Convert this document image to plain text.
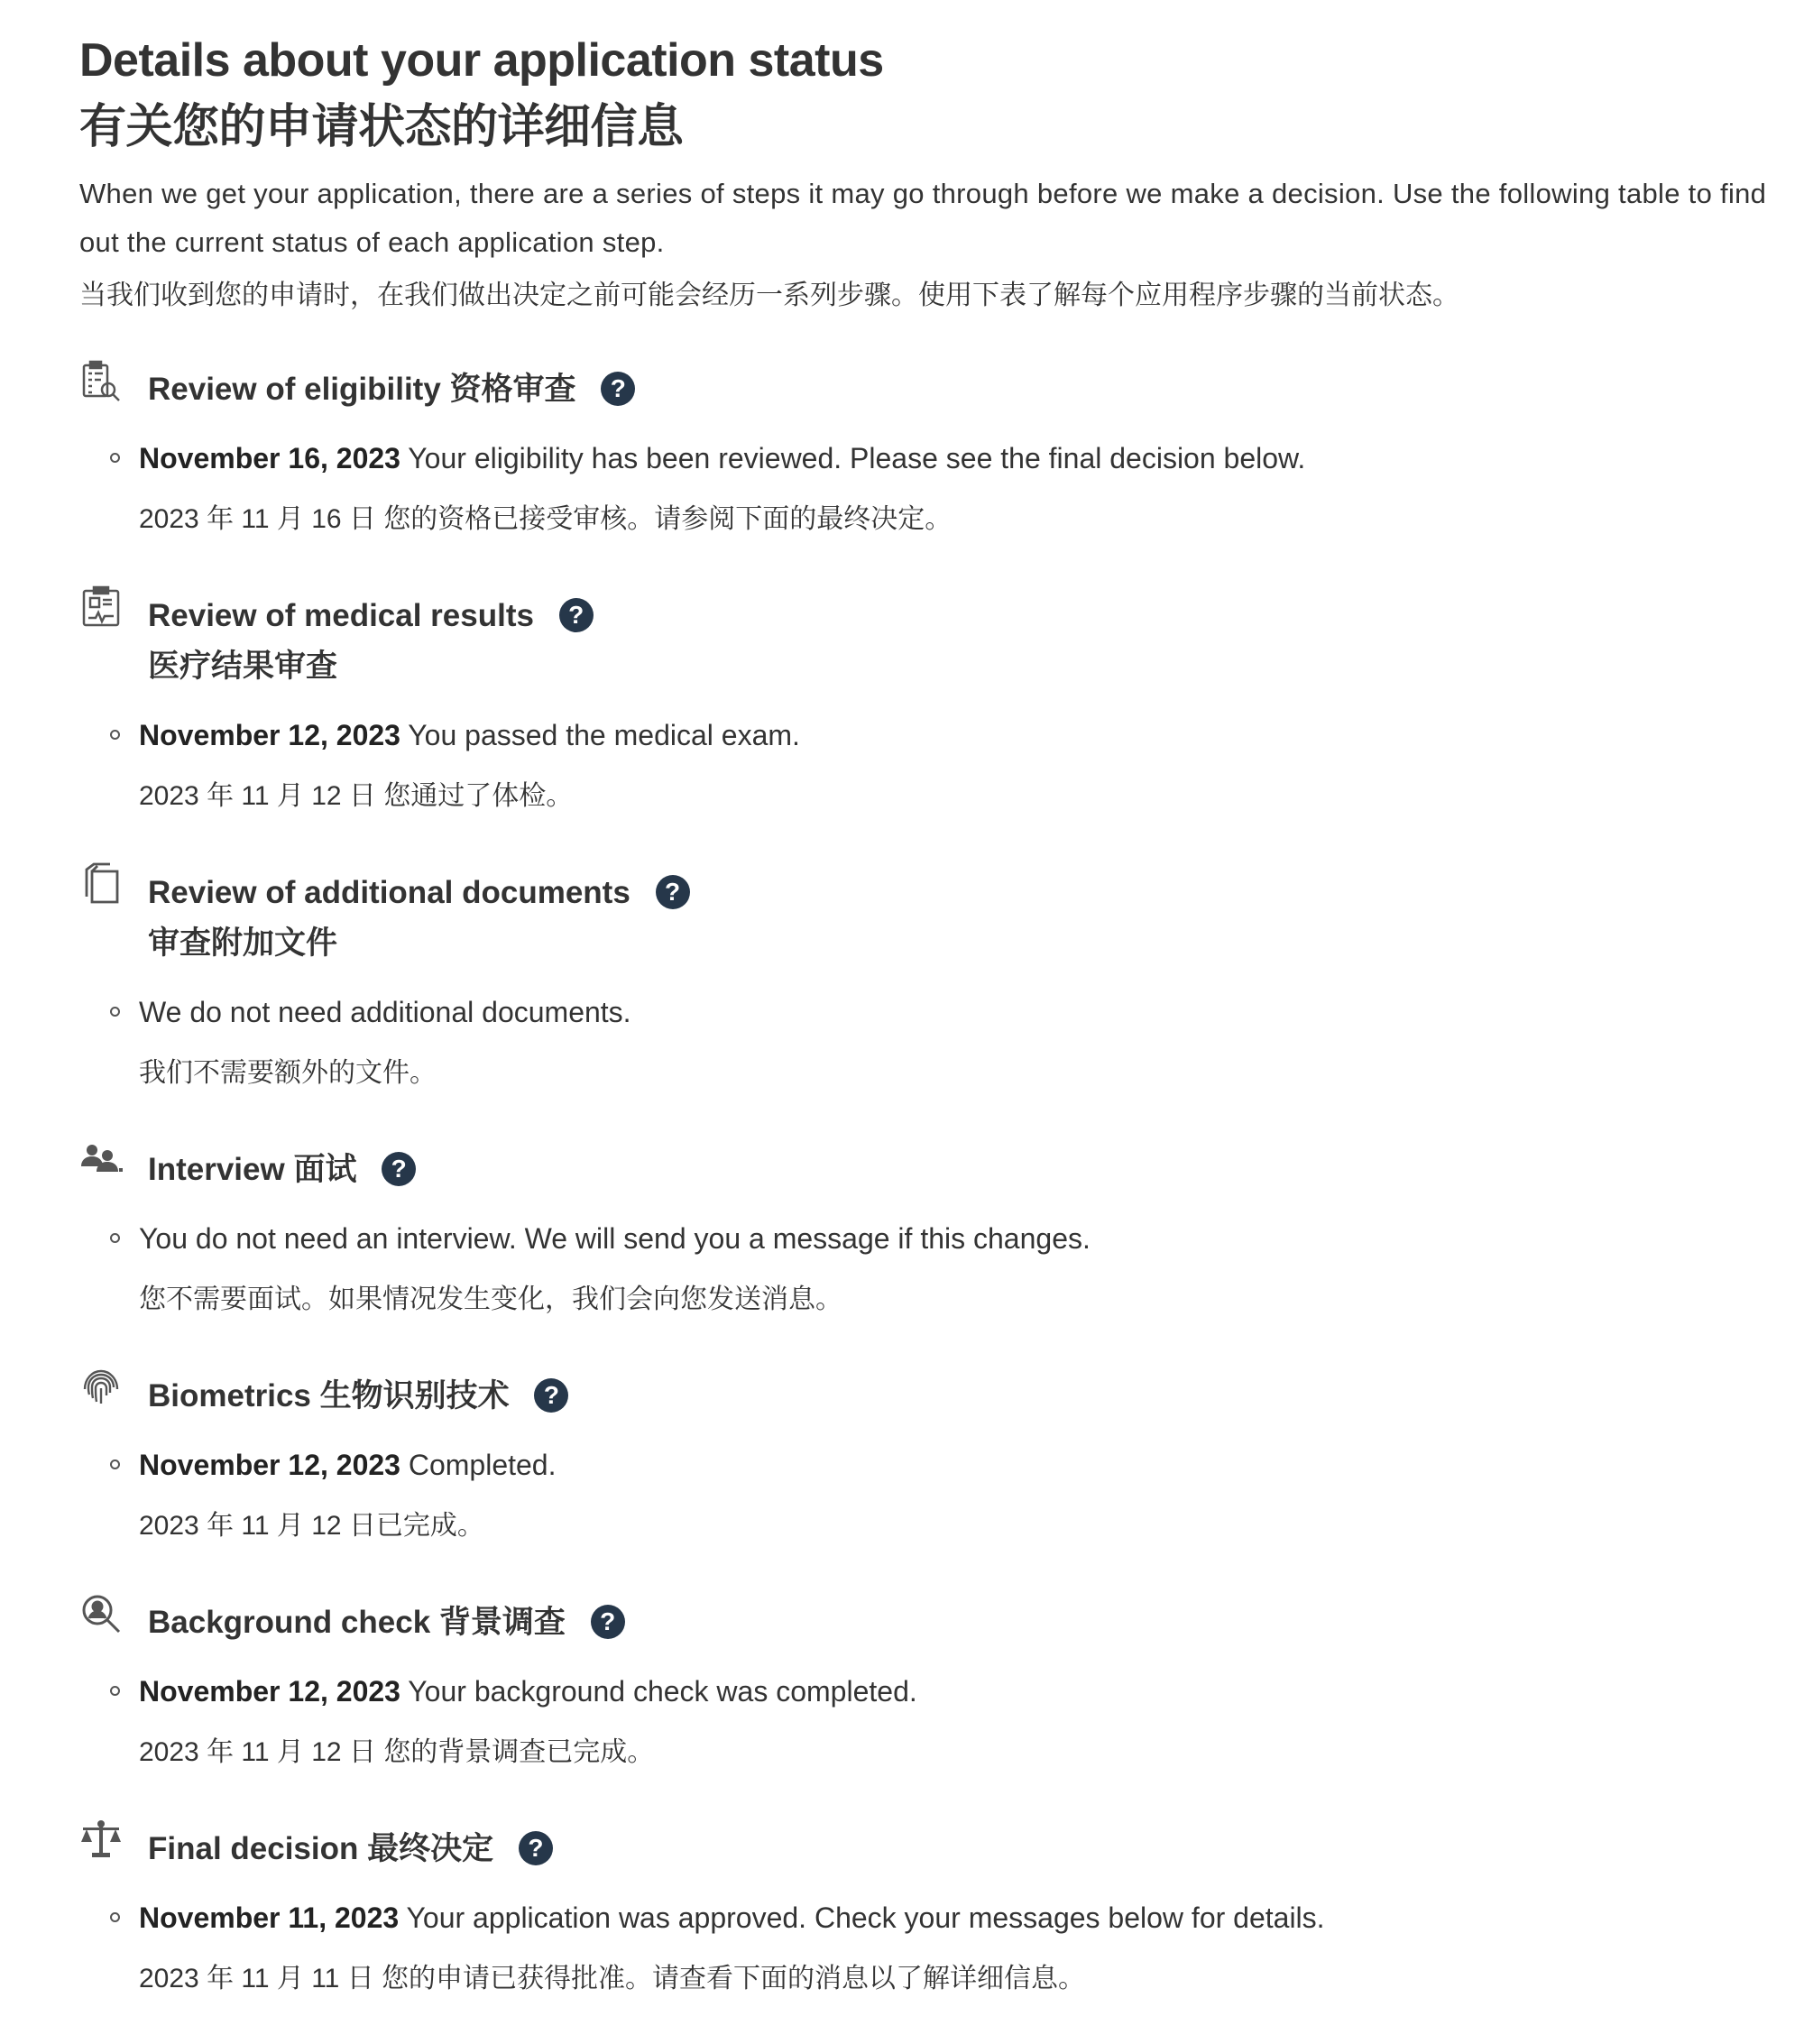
Details about your application status
有关您的申请状态的详细信息

When we get your application, there are a series of steps it may go through before we make a decision. Use the following table to find out the current status of each application step.

当我们收到您的申请时，在我们做出决定之前可能会经历一系列步骤。使用下表了解每个应用程序步骤的当前状态。

Review of eligibility 资格审查 ?
November 16, 2023 Your eligibility has been reviewed. Please see the final decision below.
2023 年 11 月 16 日 您的资格已接受审核。请参阅下面的最终决定。
Review of medical results ?
医疗结果审查
November 12, 2023 You passed the medical exam.
2023 年 11 月 12 日 您通过了体检。
Review of additional documents ?
审查附加文件
We do not need additional documents.
我们不需要额外的文件。
Interview 面试 ?
You do not need an interview. We will send you a message if this changes.
您不需要面试。如果情况发生变化，我们会向您发送消息。
Biometrics 生物识别技术 ?
November 12, 2023 Completed.
2023 年 11 月 12 日已完成。
Background check 背景调查 ?
November 12, 2023 Your background check was completed.
2023 年 11 月 12 日 您的背景调查已完成。
Final decision 最终决定 ?
November 11, 2023 Your application was approved. Check your messages below for details.
2023 年 11 月 11 日 您的申请已获得批准。请查看下面的消息以了解详细信息。
